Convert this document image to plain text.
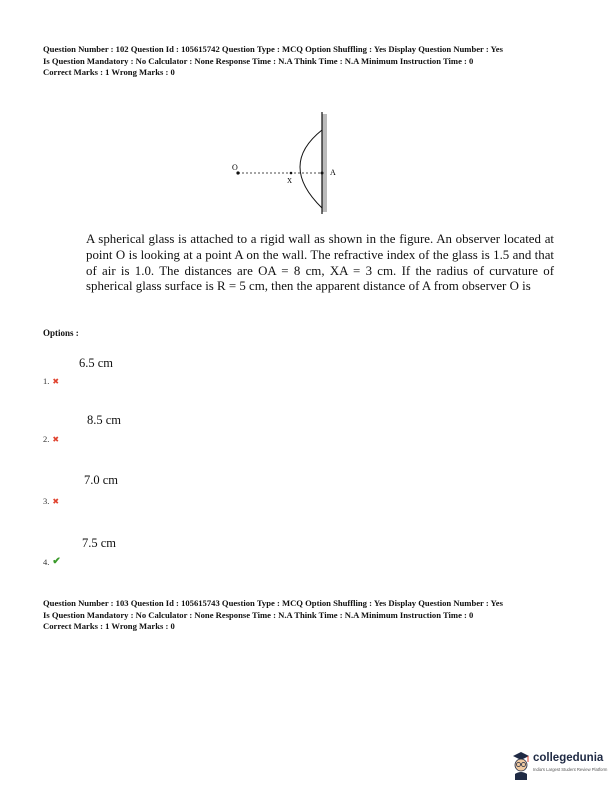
Question Number : 102 Question Id : 105615742 Question Type : MCQ Option Shuffling : Yes Display Question Number : Yes
Is Question Mandatory : No Calculator : None Response Time : N.A Think Time : N.A Minimum Instruction Time : 0
Correct Marks : 1 Wrong Marks : 0
O
X
A
A spherical glass is attached to a rigid wall as shown in the figure. An observer located at point O is looking at a point A on the wall. The refractive index of the glass is 1.5 and that of air is 1.0. The distances are OA = 8 cm, XA = 3 cm. If the radius of curvature of spherical glass surface is R = 5 cm, then the apparent distance of A from observer O is
Options :
6.5 cm
1. ✖
8.5 cm
2. ✖
7.0 cm
3. ✖
7.5 cm
4. ✔
Question Number : 103 Question Id : 105615743 Question Type : MCQ Option Shuffling : Yes Display Question Number : Yes
Is Question Mandatory : No Calculator : None Response Time : N.A Think Time : N.A Minimum Instruction Time : 0
Correct Marks : 1 Wrong Marks : 0
collegedunia
India's Largest Student Review Platform
